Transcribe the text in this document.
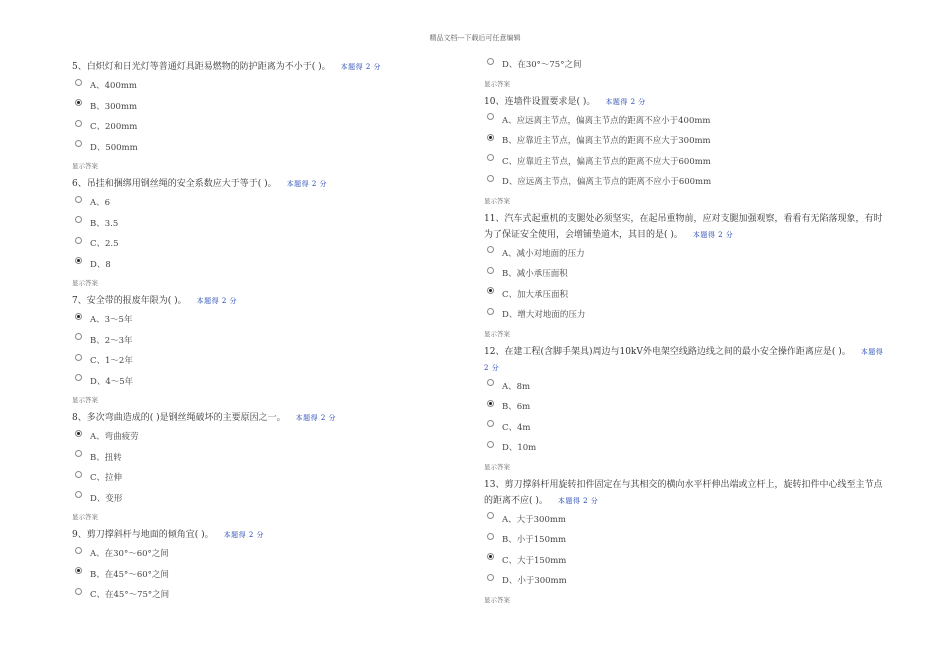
精品文档---下载后可任意编辑
5、白炽灯和日光灯等普通灯具距易燃物的防护距离为不小于( )。 本题得 2 分
A、400mm
B、300mm
C、200mm
D、500mm
显示答案
6、吊挂和捆绑用钢丝绳的安全系数应大于等于( )。 本题得 2 分
A、6
B、3.5
C、2.5
D、8
显示答案
7、安全带的报废年限为( )。 本题得 2 分
A、3～5年
B、2～3年
C、1～2年
D、4～5年
显示答案
8、多次弯曲造成的( )是钢丝绳破坏的主要原因之一。 本题得 2 分
A、弯曲疲劳
B、扭转
C、拉伸
D、变形
显示答案
9、剪刀撑斜杆与地面的倾角宜( )。 本题得 2 分
A、在30°～60°之间
B、在45°～60°之间
C、在45°～75°之间
D、在30°～75°之间
显示答案
10、连墙件设置要求是( )。 本题得 2 分
A、应远离主节点，偏离主节点的距离不应小于400mm
B、应靠近主节点，偏离主节点的距离不应大于300mm
C、应靠近主节点，偏离主节点的距离不应大于600mm
D、应远离主节点，偏离主节点的距离不应小于600mm
显示答案
11、汽车式起重机的支腿处必须坚实，在起吊重物前，应对支腿加强观察，看看有无陷落现象，有时为了保证安全使用，会增铺垫道木，其目的是( )。 本题得 2 分
A、减小对地面的压力
B、减小承压面积
C、加大承压面积
D、增大对地面的压力
显示答案
12、在建工程(含脚手架具)周边与10kV外电架空线路边线之间的最小安全操作距离应是( )。 本题得 2 分
A、8m
B、6m
C、4m
D、10m
显示答案
13、剪刀撑斜杆用旋转扣件固定在与其相交的横向水平杆伸出端或立杆上，旋转扣件中心线至主节点的距离不应( )。 本题得 2 分
A、大于300mm
B、小于150mm
C、大于150mm
D、小于300mm
显示答案
